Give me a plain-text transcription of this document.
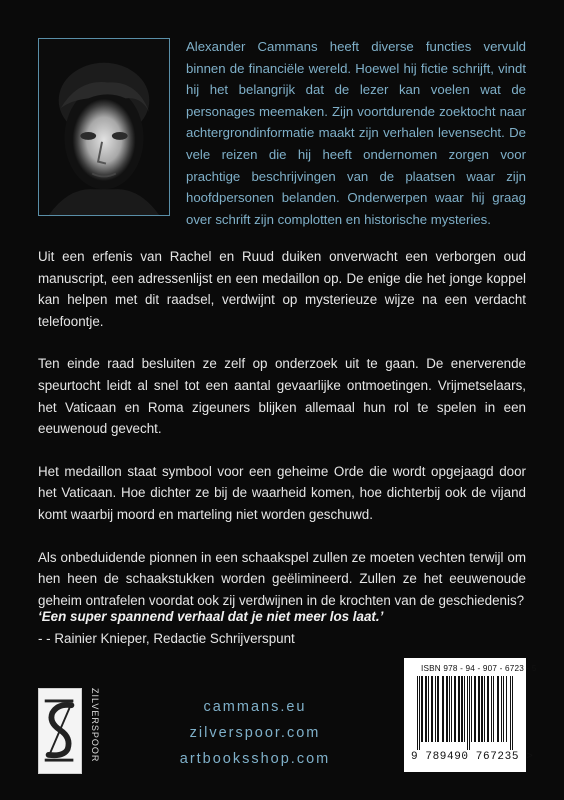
Alexander Cammans heeft diverse functies vervuld binnen de financiële wereld. Hoewel hij fictie schrijft, vindt hij het belangrijk dat de lezer kan voelen wat de personages meemaken. Zijn voortdurende zoektocht naar achtergrondinformatie maakt zijn verhalen levensecht. De vele reizen die hij heeft ondernomen zorgen voor prachtige beschrijvingen van de plaatsen waar zijn hoofdpersonen belanden. Onderwerpen waar hij graag over schrift zijn complotten en historische mysteries.

Uit een erfenis van Rachel en Ruud duiken onverwacht een verborgen oud manuscript, een adressenlijst en een medaillon op. De enige die het jonge koppel kan helpen met dit raadsel, verdwijnt op mysterieuze wijze na een verdacht telefoontje.

Ten einde raad besluiten ze zelf op onderzoek uit te gaan. De enerverende speurtocht leidt al snel tot een aantal gevaarlijke ontmoetingen. Vrijmetselaars, het Vaticaan en Roma zigeuners blijken allemaal hun rol te spelen in een eeuwenoud gevecht.

Het medaillon staat symbool voor een geheime Orde die wordt opgejaagd door het Vaticaan. Hoe dichter ze bij de waarheid komen, hoe dichterbij ook de vijand komt waarbij moord en marteling niet worden geschuwd.

Als onbeduidende pionnen in een schaakspel zullen ze moeten vechten terwijl om hen heen de schaakstukken worden geëlimineerd. Zullen ze het eeuwenoude geheim ontrafelen voordat ook zij verdwijnen in de krochten van de geschiedenis?

‘Een super spannend verhaal dat je niet meer los laat.’
- - Rainier Knieper, Redactie Schrijverspunt
ZILVERSPOOR	cammans.eu
zilverspoor.com
artbooksshop.com
ISBN 978 - 94 - 907 - 6723 - 5
9 789490 767235 >
